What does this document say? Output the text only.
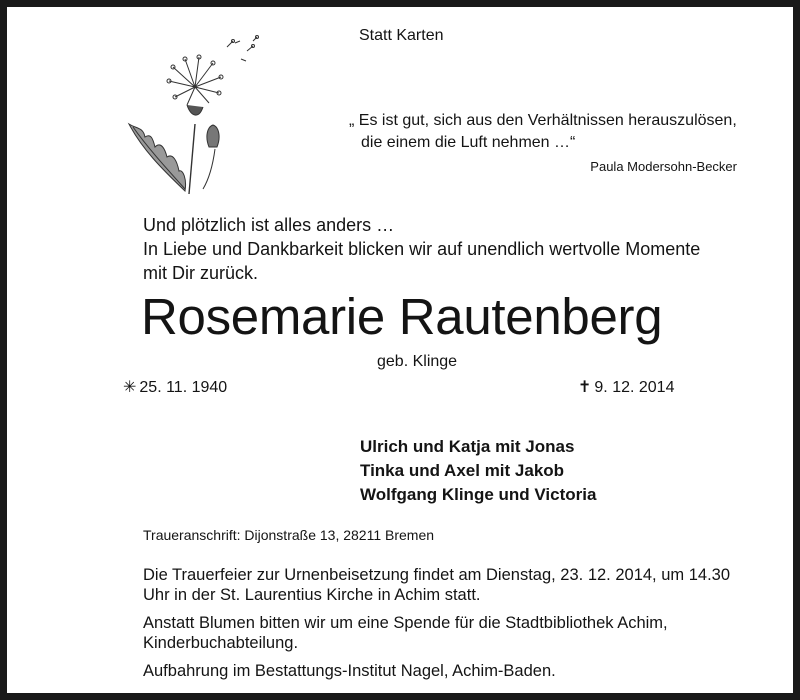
Statt Karten
„ Es ist gut, sich aus den Verhältnissen herauszulösen,
die einem die Luft nehmen …“
Paula Modersohn-Becker
Und plötzlich ist alles anders …
In Liebe und Dankbarkeit blicken wir auf unendlich wertvolle Momente
mit Dir zurück.
Rosemarie Rautenberg
geb. Klinge
✳ 25. 11. 1940	✝ 9. 12. 2014
Ulrich und Katja mit Jonas
Tinka und Axel mit Jakob
Wolfgang Klinge und Victoria
Traueranschrift: Dijonstraße 13, 28211 Bremen

Die Trauerfeier zur Urnenbeisetzung findet am Dienstag, 23. 12. 2014, um 14.30 Uhr in der St. Laurentius Kirche in Achim statt.

Anstatt Blumen bitten wir um eine Spende für die Stadtbibliothek Achim, Kinderbuchabteilung.

Aufbahrung im Bestattungs-Institut Nagel, Achim-Baden.
